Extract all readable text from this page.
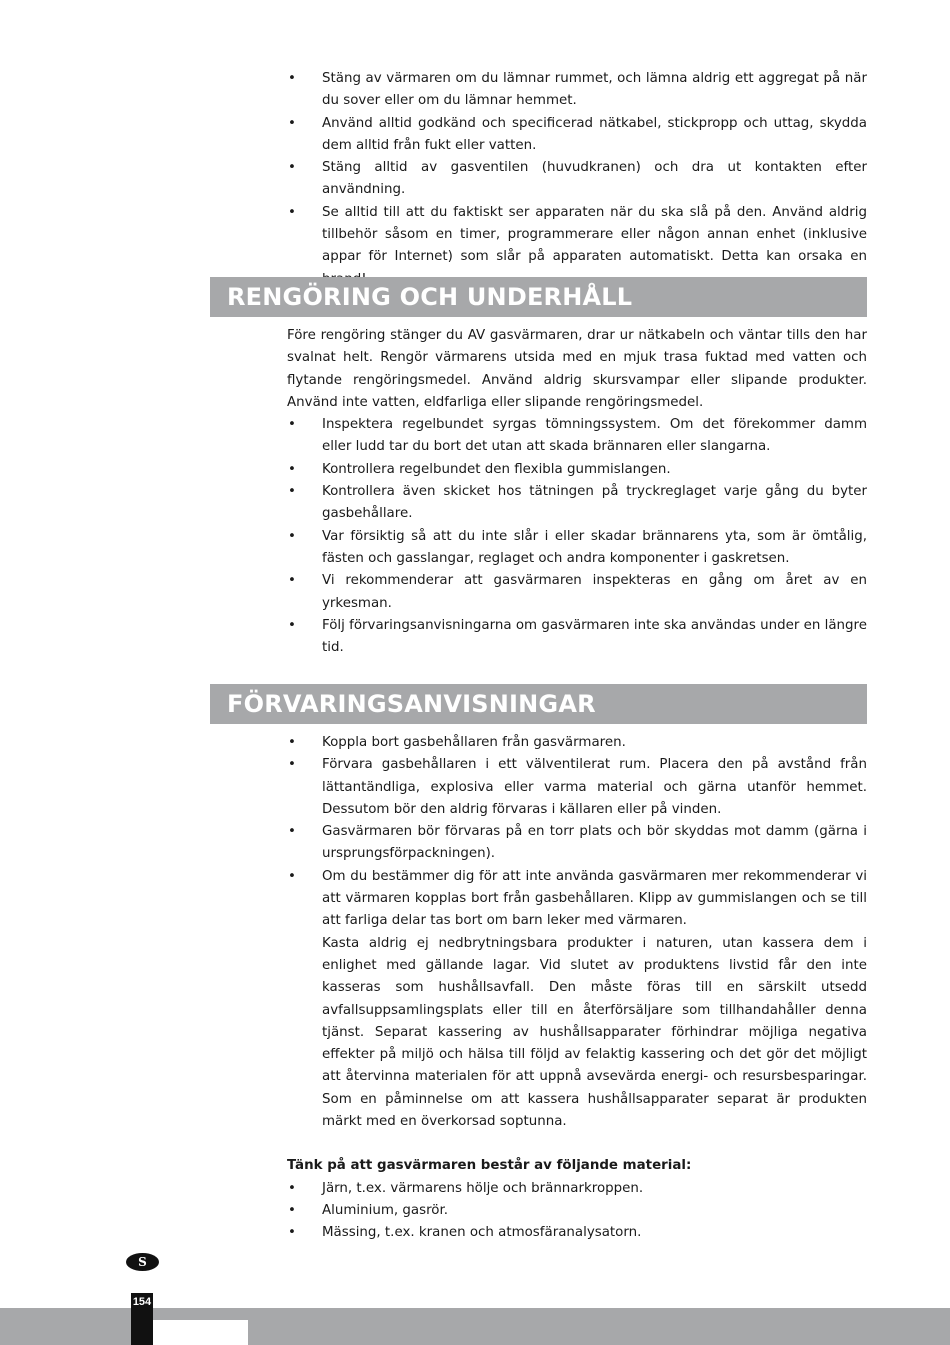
• Stäng av värmaren om du lämnar rummet, och lämna aldrig ett aggregat på när du sover eller om du lämnar hemmet.
• Använd alltid godkänd och specificerad nätkabel, stickpropp och uttag, skydda dem alltid från fukt eller vatten.
• Stäng alltid av gasventilen (huvudkranen) och dra ut kontakten efter användning.
• Se alltid till att du faktiskt ser apparaten när du ska slå på den. Använd aldrig tillbehör såsom en timer, programmerare eller någon annan enhet (inklusive appar för Internet) som slår på apparaten automatiskt. Detta kan orsaka en
RENGÖRING OCH UNDERHÅLL

Före rengöring stänger du AV gasvärmaren, drar ur nätkabeln och väntar tills den har svalnat helt. Rengör värmarens utsida med en mjuk trasa fuktad med vatten och flytande rengöringsmedel. Använd aldrig skursvampar eller slipande produkter. Använd inte vatten, eldfarliga eller slipande rengöringsmedel.

• Inspektera regelbundet syrgas tömningssystem. Om det förekommer damm eller ludd tar du bort det utan att skada brännaren eller slangarna.
• Kontrollera regelbundet den flexibla gummislangen.
• Kontrollera även skicket hos tätningen på tryckreglaget varje gång du byter gasbehållare.
• Var försiktig så att du inte slår i eller skadar brännarens yta, som är ömtålig, fästen och gasslangar, reglaget och andra komponenter i gaskretsen.
• Vi rekommenderar att gasvärmaren inspekteras en gång om året av en yrkesman.
• Följ förvaringsanvisningarna om gasvärmaren inte ska användas under en längre tid.
FÖRVARINGSANVISNINGAR
• Koppla bort gasbehållaren från gasvärmaren.
• Förvara gasbehållaren i ett välventilerat rum. Placera den på avstånd från lättantändliga, explosiva eller varma material och gärna utanför hemmet. Dessutom bör den aldrig förvaras i källaren eller på vinden.
• Gasvärmaren bör förvaras på en torr plats och bör skyddas mot damm (gärna i ursprungsförpackningen).
• Om du bestämmer dig för att inte använda gasvärmaren mer rekommenderar vi att värmaren kopplas bort från gasbehållaren. Klipp av gummislangen och se till att farliga delar tas bort om barn leker med värmaren.
Kasta aldrig ej nedbrytningsbara produkter i naturen, utan kassera dem i enlighet med gällande lagar. Vid slutet av produktens livstid får den inte kasseras som hushållsavfall. Den måste föras till en särskilt utsedd avfallsuppsamlingsplats eller till en återförsäljare som tillhandahåller denna tjänst. Separat kassering av hushållsapparater förhindrar möjliga negativa effekter på miljö och hälsa till följd av felaktig kassering och det gör det möjligt att återvinna materialen för att uppnå avsevärda energi- och resursbesparingar. Som en påminnelse om att kassera hushållsapparater separat är produkten märkt med en överkorsad soptunna.

Tänk på att gasvärmaren består av följande material:

• Järn, t.ex. värmarens hölje och brännarkroppen.
• Aluminium, gasrör.
• Mässing, t.ex. kranen och atmosfäranalysatorn.
S
154
